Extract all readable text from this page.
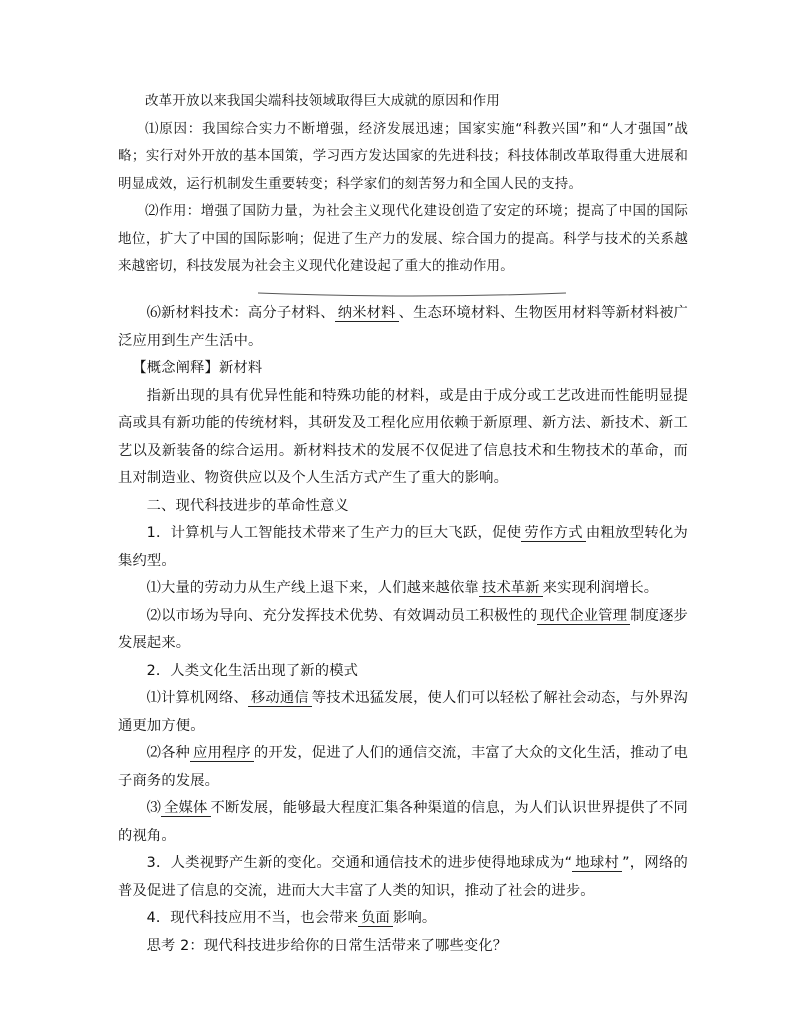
改革开放以来我国尖端科技领域取得巨大成就的原因和作用

⑴原因：我国综合实力不断增强，经济发展迅速；国家实施“科教兴国”和“人才强国”战略；实行对外开放的基本国策，学习西方发达国家的先进科技；科技体制改革取得重大进展和明显成效，运行机制发生重要转变；科学家们的刻苦努力和全国人民的支持。

⑵作用：增强了国防力量，为社会主义现代化建设创造了安定的环境；提高了中国的国际地位，扩大了中国的国际影响；促进了生产力的发展、综合国力的提高。科学与技术的关系越来越密切，科技发展为社会主义现代化建设起了重大的推动作用。

⑹新材料技术：高分子材料、 纳米材料 、生态环境材料、生物医用材料等新材料被广泛应用到生产生活中。

【概念阐释】新材料

指新出现的具有优异性能和特殊功能的材料，或是由于成分或工艺改进而性能明显提高或具有新功能的传统材料，其研发及工程化应用依赖于新原理、新方法、新技术、新工艺以及新装备的综合运用。新材料技术的发展不仅促进了信息技术和生物技术的革命，而且对制造业、物资供应以及个人生活方式产生了重大的影响。

二、现代科技进步的革命性意义

1．计算机与人工智能技术带来了生产力的巨大飞跃，促使 劳作方式 由粗放型转化为集约型。

⑴大量的劳动力从生产线上退下来，人们越来越依靠 技术革新 来实现利润增长。

⑵以市场为导向、充分发挥技术优势、有效调动员工积极性的 现代企业管理 制度逐步发展起来。

2．人类文化生活出现了新的模式

⑴计算机网络、 移动通信 等技术迅猛发展，使人们可以轻松了解社会动态，与外界沟通更加方便。

⑵各种 应用程序 的开发，促进了人们的通信交流，丰富了大众的文化生活，推动了电子商务的发展。

⑶ 全媒体 不断发展，能够最大程度汇集各种渠道的信息，为人们认识世界提供了不同的视角。

3．人类视野产生新的变化。交通和通信技术的进步使得地球成为“ 地球村 ”，网络的普及促进了信息的交流，进而大大丰富了人类的知识，推动了社会的进步。

4．现代科技应用不当，也会带来 负面 影响。

思考 2：现代科技进步给你的日常生活带来了哪些变化？
